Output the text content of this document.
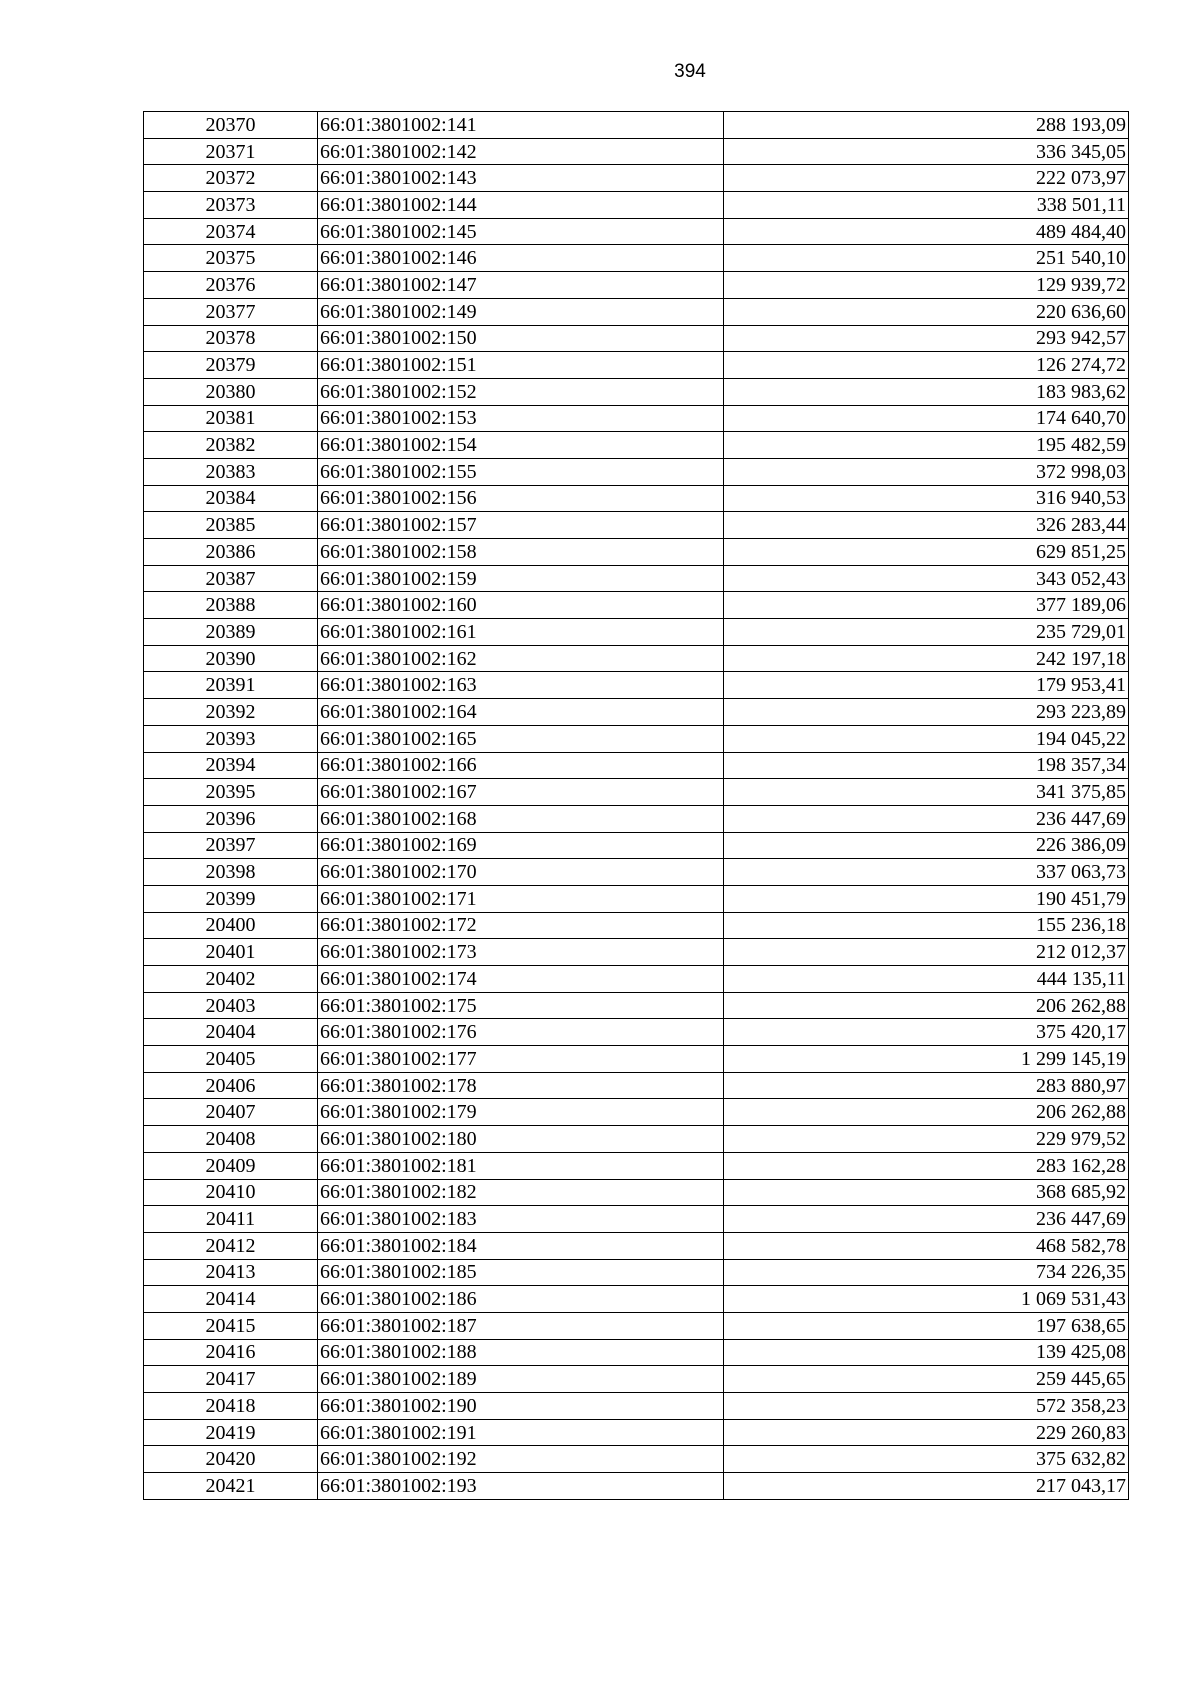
394
20370	66:01:3801002:141	288 193,09
20371	66:01:3801002:142	336 345,05
20372	66:01:3801002:143	222 073,97
20373	66:01:3801002:144	338 501,11
20374	66:01:3801002:145	489 484,40
20375	66:01:3801002:146	251 540,10
20376	66:01:3801002:147	129 939,72
20377	66:01:3801002:149	220 636,60
20378	66:01:3801002:150	293 942,57
20379	66:01:3801002:151	126 274,72
20380	66:01:3801002:152	183 983,62
20381	66:01:3801002:153	174 640,70
20382	66:01:3801002:154	195 482,59
20383	66:01:3801002:155	372 998,03
20384	66:01:3801002:156	316 940,53
20385	66:01:3801002:157	326 283,44
20386	66:01:3801002:158	629 851,25
20387	66:01:3801002:159	343 052,43
20388	66:01:3801002:160	377 189,06
20389	66:01:3801002:161	235 729,01
20390	66:01:3801002:162	242 197,18
20391	66:01:3801002:163	179 953,41
20392	66:01:3801002:164	293 223,89
20393	66:01:3801002:165	194 045,22
20394	66:01:3801002:166	198 357,34
20395	66:01:3801002:167	341 375,85
20396	66:01:3801002:168	236 447,69
20397	66:01:3801002:169	226 386,09
20398	66:01:3801002:170	337 063,73
20399	66:01:3801002:171	190 451,79
20400	66:01:3801002:172	155 236,18
20401	66:01:3801002:173	212 012,37
20402	66:01:3801002:174	444 135,11
20403	66:01:3801002:175	206 262,88
20404	66:01:3801002:176	375 420,17
20405	66:01:3801002:177	1 299 145,19
20406	66:01:3801002:178	283 880,97
20407	66:01:3801002:179	206 262,88
20408	66:01:3801002:180	229 979,52
20409	66:01:3801002:181	283 162,28
20410	66:01:3801002:182	368 685,92
20411	66:01:3801002:183	236 447,69
20412	66:01:3801002:184	468 582,78
20413	66:01:3801002:185	734 226,35
20414	66:01:3801002:186	1 069 531,43
20415	66:01:3801002:187	197 638,65
20416	66:01:3801002:188	139 425,08
20417	66:01:3801002:189	259 445,65
20418	66:01:3801002:190	572 358,23
20419	66:01:3801002:191	229 260,83
20420	66:01:3801002:192	375 632,82
20421	66:01:3801002:193	217 043,17
